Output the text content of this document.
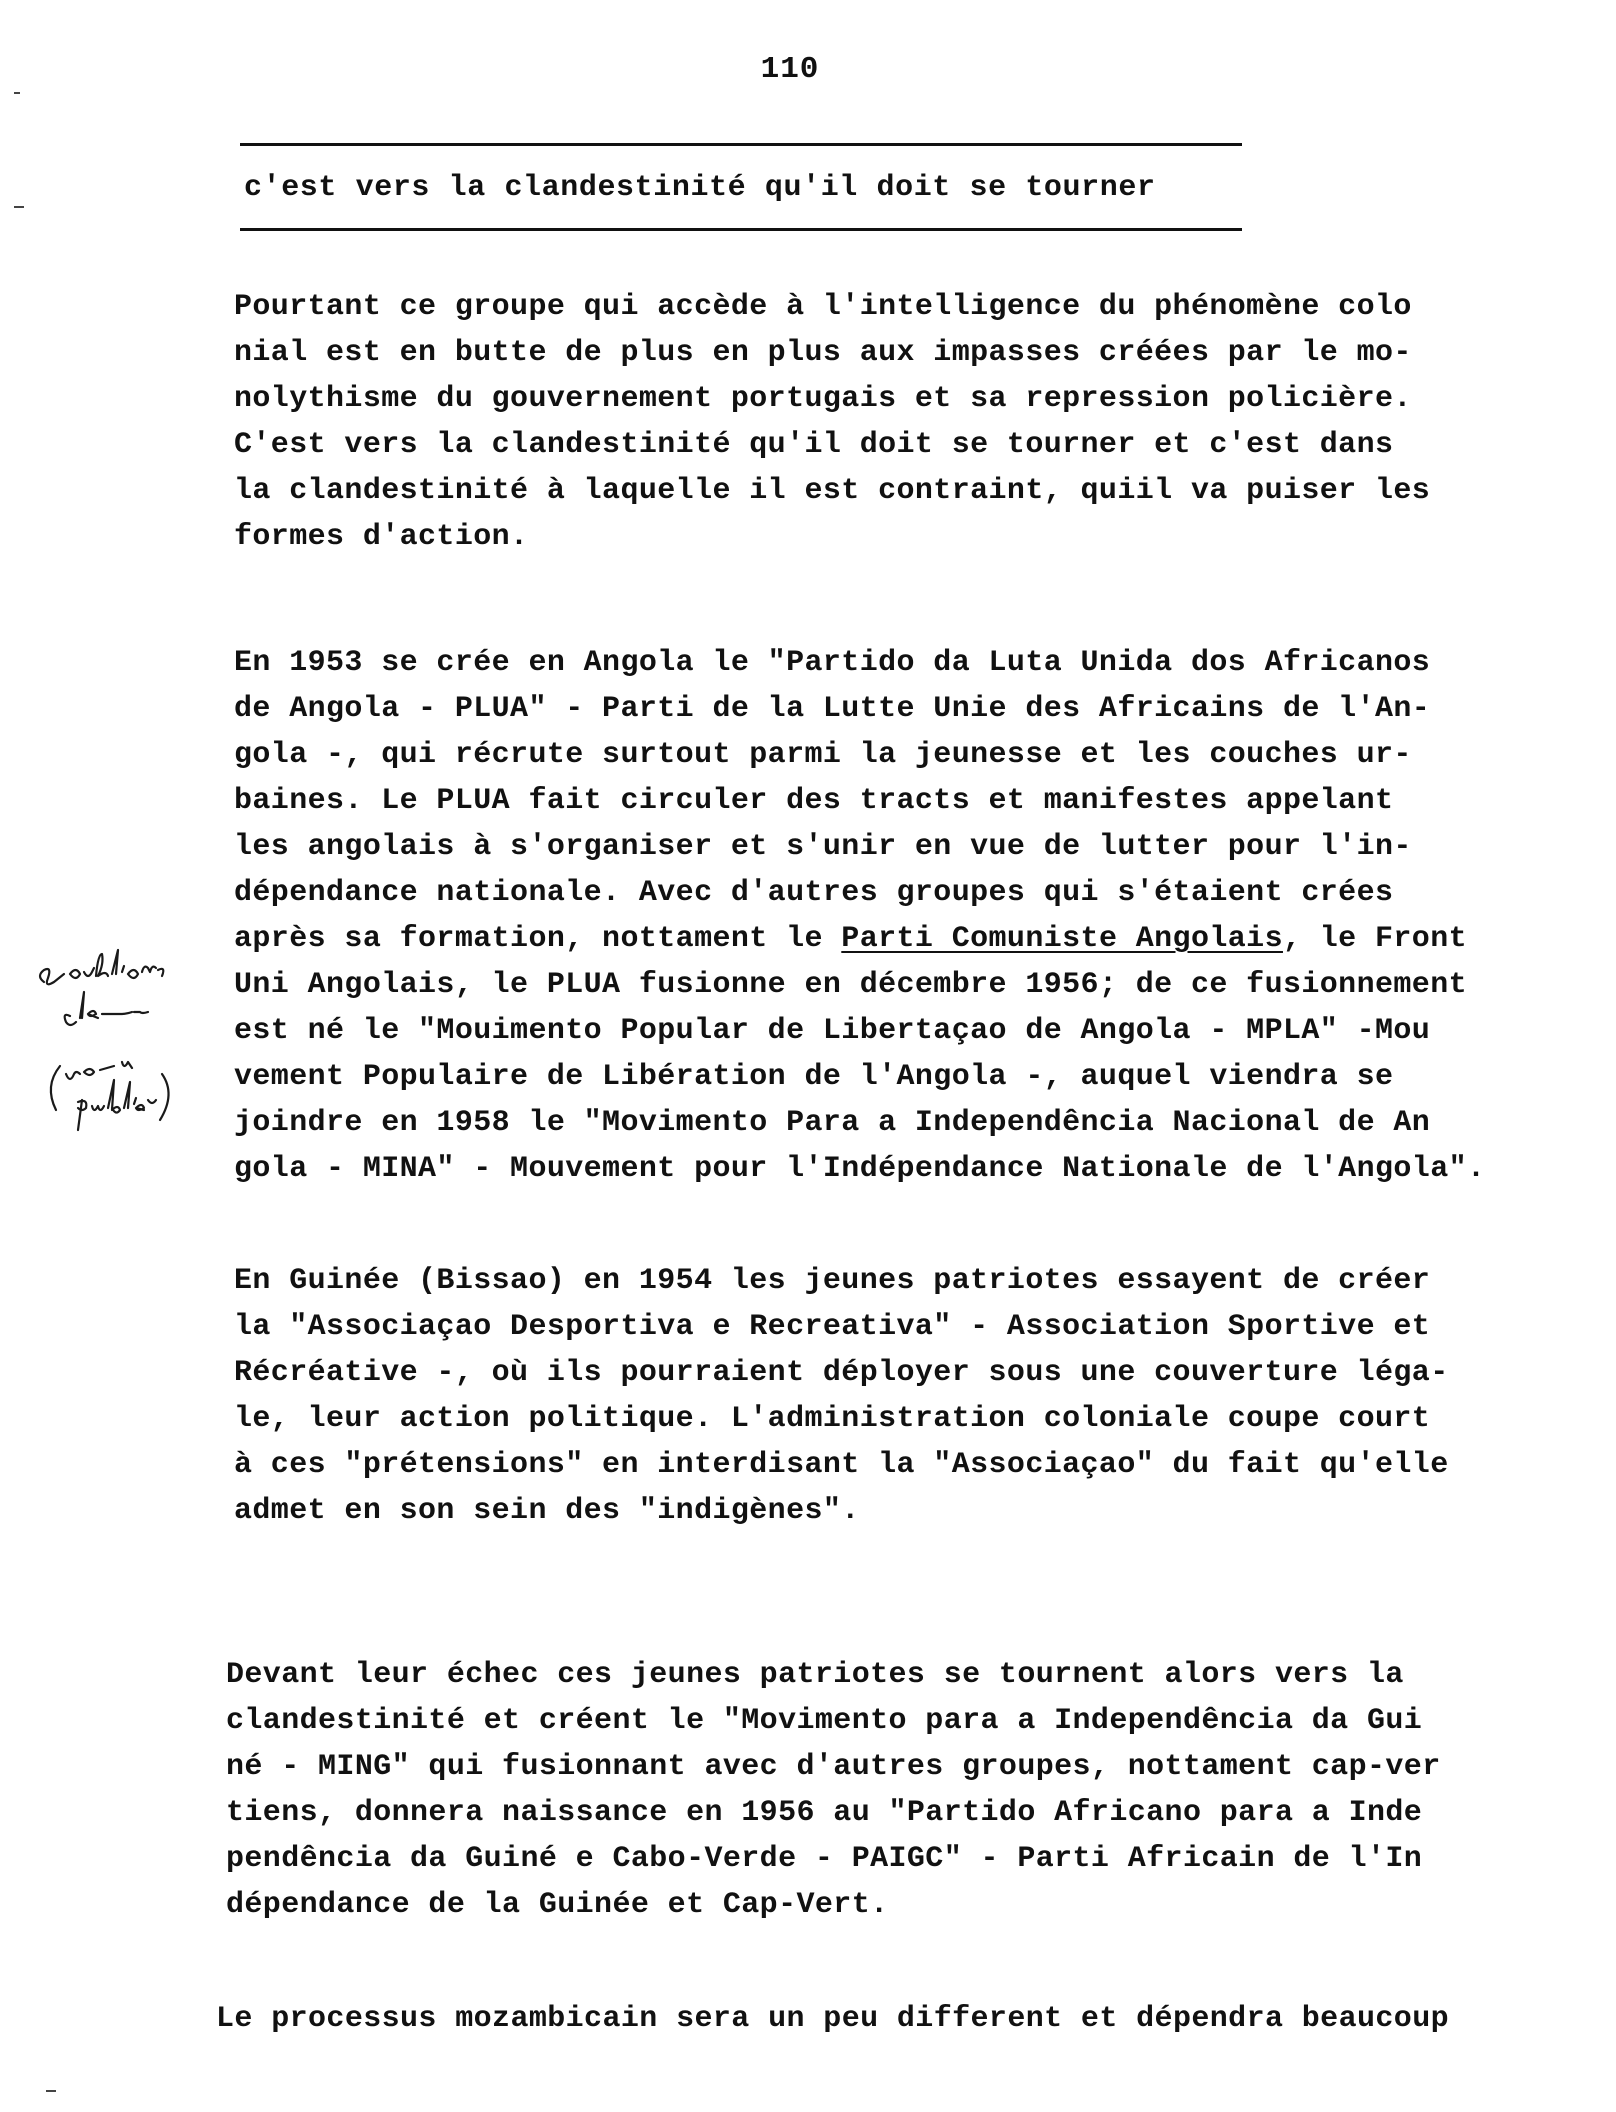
110
c'est vers la clandestinité qu'il doit se tourner

Pourtant ce groupe qui accède à l'intelligence du phénomène colo
nial est en butte de plus en plus aux impasses créées par le mo-
nolythisme du gouvernement portugais et sa repression policière.
C'est vers la clandestinité qu'il doit se tourner et c'est dans
la clandestinité à laquelle il est contraint, quiil va puiser les
formes d'action.

En 1953 se crée en Angola le "Partido da Luta Unida dos Africanos
de Angola - PLUA" - Parti de la Lutte Unie des Africains de l'An-
gola -, qui récrute surtout parmi la jeunesse et les couches ur-
baines. Le PLUA fait circuler des tracts et manifestes appelant
les angolais à s'organiser et s'unir en vue de lutter pour l'in-
dépendance nationale. Avec d'autres groupes qui s'étaient crées
après sa formation, nottament le Parti Comuniste Angolais, le Front
Uni Angolais, le PLUA fusionne en décembre 1956; de ce fusionnement
est né le "Mouimento Popular de Libertaçao de Angola - MPLA" -Mou
vement Populaire de Libération de l'Angola -, auquel viendra se
joindre en 1958 le "Movimento Para a Independência Nacional de An
gola - MINA" - Mouvement pour l'Indépendance Nationale de l'Angola".

En Guinée (Bissao) en 1954 les jeunes patriotes essayent de créer
la "Associaçao Desportiva e Recreativa" - Association Sportive et
Récréative -, où ils pourraient déployer sous une couverture léga-
le, leur action politique. L'administration coloniale coupe court
à ces "prétensions" en interdisant la "Associaçao" du fait qu'elle
admet en son sein des "indigènes".

Devant leur échec ces jeunes patriotes se tournent alors vers la
clandestinité et créent le "Movimento para a Independência da Gui
né - MING" qui fusionnant avec d'autres groupes, nottament cap-ver
tiens, donnera naissance en 1956 au "Partido Africano para a Inde
pendência da Guiné e Cabo-Verde - PAIGC" - Parti Africain de l'In
dépendance de la Guinée et Cap-Vert.

Le processus mozambicain sera un peu different et dépendra beaucoup
